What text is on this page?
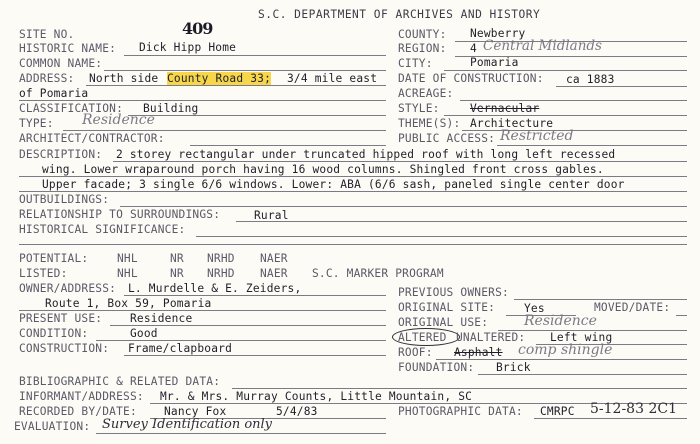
S.C. DEPARTMENT OF ARCHIVES AND HISTORY
SITE NO.	409
HISTORIC NAME: Dick Hipp Home
COMMON NAME:
ADDRESS: North side County Road 33; 3/4 mile east
of Pomaria
CLASSIFICATION: Building
TYPE: Residence
ARCHITECT/CONTRACTOR:
COUNTY: Newberry
REGION: 4 Central Midlands
CITY:	Pomaria
DATE OF CONSTRUCTION: ca 1883
ACREAGE:
STYLE:	Vernacular
THEME(S): Architecture
PUBLIC ACCESS: Restricted
DESCRIPTION: 2 storey rectangular under truncated hipped roof with long left recessed
wing. Lower wraparound porch having 16 wood columns. Shingled front cross gables.
Upper facade; 3 single 6/6 windows. Lower: ABA (6/6 sash, paneled single center door
OUTBUILDINGS:
RELATIONSHIP TO SURROUNDINGS:	Rural
HISTORICAL SIGNIFICANCE:
POTENTIAL:	NHL	NR NRHD NAER
LISTED:	NHL	NR NRHD NAER S.C. MARKER PROGRAM
OWNER/ADDRESS: L. Murdelle & E. Zeiders,
Route 1, Box 59, Pomaria
PRESENT USE: Residence
CONDITION:	Good
CONSTRUCTION: Frame/clapboard
PREVIOUS OWNERS:
ORIGINAL SITE:	Yes	MOVED/DATE:
ORIGINAL USE:	Residence
ALTERED UNALTERED: Left wing
ROOF: Asphalt comp shingle
FOUNDATION: Brick
BIBLIOGRAPHIC & RELATED DATA:
INFORMANT/ADDRESS: Mr. & Mrs. Murray Counts, Little Mountain, SC
RECORDED BY/DATE: Nancy Fox	5/4/83	PHOTOGRAPHIC DATA: CMRPC 5-12-83 2C1
EVALUATION: Survey Identification only
